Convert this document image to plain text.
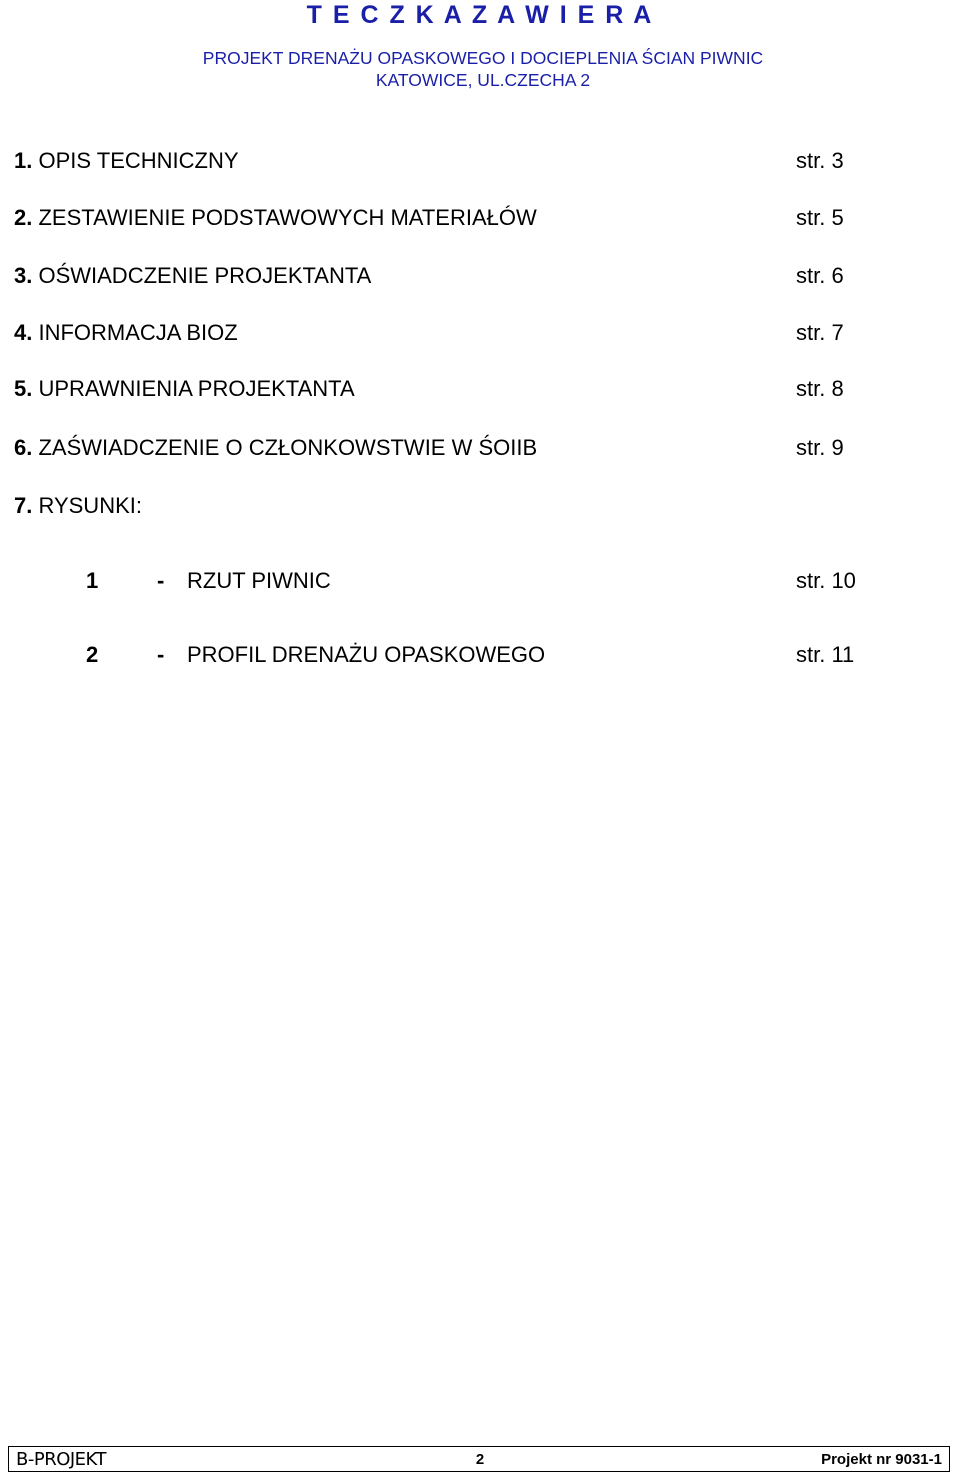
T E C Z K A Z A W I E R A
PROJEKT DRENAŻU OPASKOWEGO I DOCIEPLENIA ŚCIAN PIWNIC
KATOWICE, UL.CZECHA 2
1. OPIS TECHNICZNY	str. 3
2. ZESTAWIENIE PODSTAWOWYCH MATERIAŁÓW	str. 5
3. OŚWIADCZENIE PROJEKTANTA	str. 6
4. INFORMACJA BIOZ	str. 7
5. UPRAWNIENIA PROJEKTANTA	str. 8
6. ZAŚWIADCZENIE O CZŁONKOWSTWIE W ŚOIIB	str. 9
7. RYSUNKI:
1	- RZUT PIWNIC	str. 10
2	- PROFIL DRENAŻU OPASKOWEGO	str. 11
B-PROJEKT	2	Projekt nr 9031-1
